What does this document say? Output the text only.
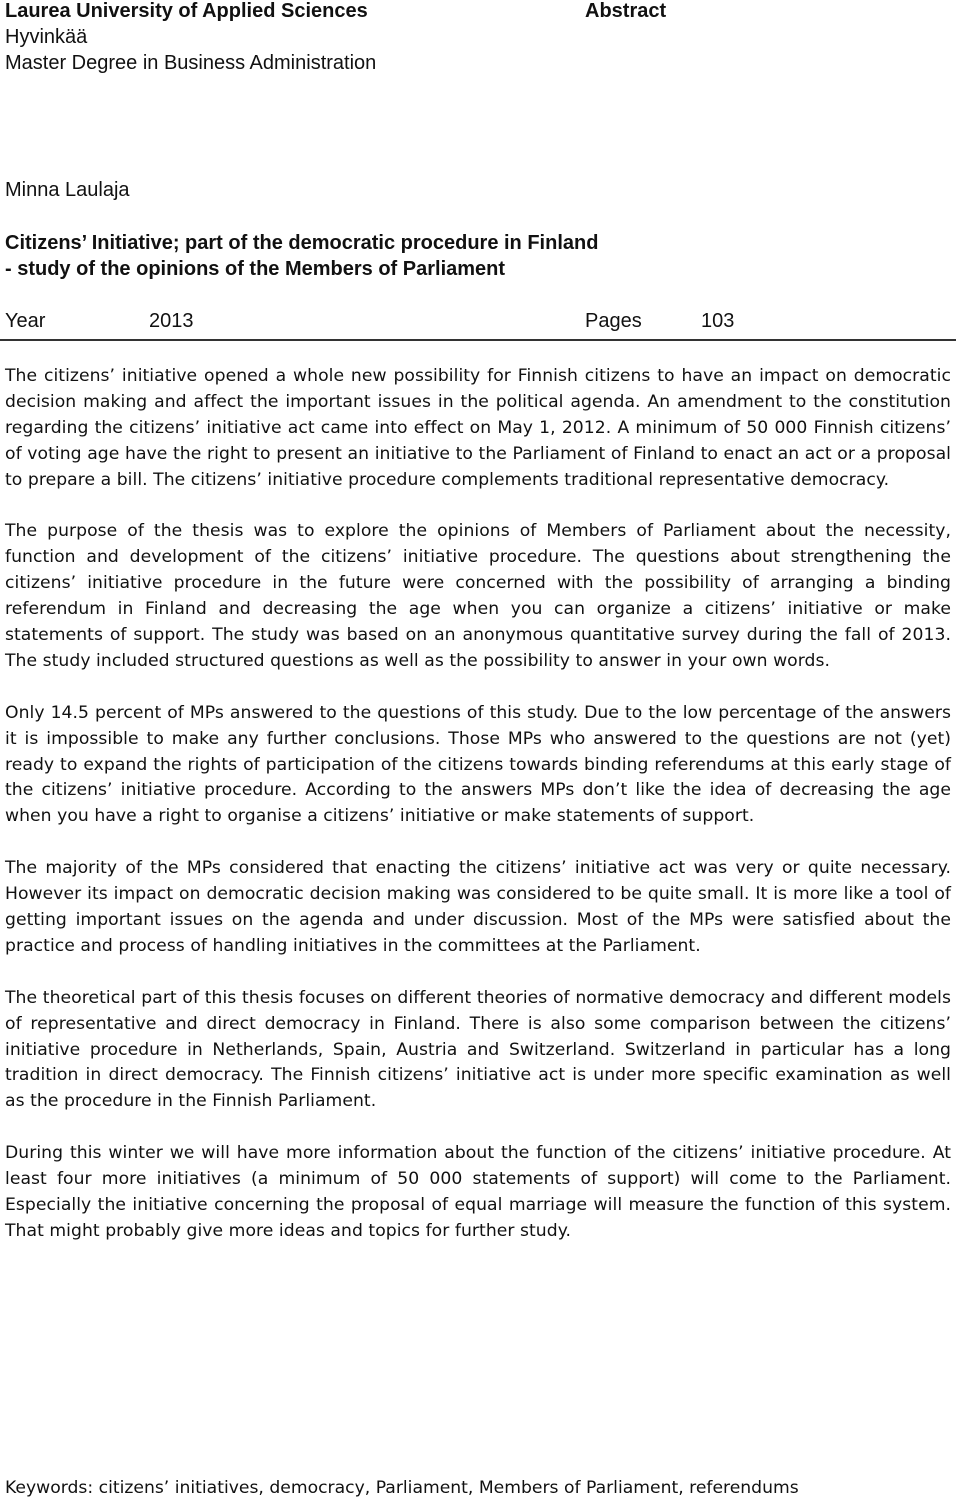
Laurea University of Applied Sciences
Hyvinkää
Master Degree in Business Administration
Abstract
Minna Laulaja
Citizens’ Initiative; part of the democratic procedure in Finland
- study of the opinions of the Members of Parliament
Year	2013	Pages	103

The citizens’ initiative opened a whole new possibility for Finnish citizens to have an impact on democratic decision making and affect the important issues in the political agenda. An amendment to the constitution regarding the citizens’ initiative act came into effect on May 1, 2012. A minimum of 50 000 Finnish citizens’ of voting age have the right to present an initiative to the Parliament of Finland to enact an act or a proposal to prepare a bill. The citizens’ initiative procedure complements traditional representative democracy.

The purpose of the thesis was to explore the opinions of Members of Parliament about the necessity, function and development of the citizens’ initiative procedure. The questions about strengthening the citizens’ initiative procedure in the future were concerned with the possibility of arranging a binding referendum in Finland and decreasing the age when you can organize a citizens’ initiative or make statements of support. The study was based on an anonymous quantitative survey during the fall of 2013. The study included structured questions as well as the possibility to answer in your own words.

Only 14.5 percent of MPs answered to the questions of this study. Due to the low percentage of the answers it is impossible to make any further conclusions. Those MPs who answered to the questions are not (yet) ready to expand the rights of participation of the citizens towards binding referendums at this early stage of the citizens’ initiative procedure. According to the answers MPs don’t like the idea of decreasing the age when you have a right to organise a citizens’ initiative or make statements of support.

The majority of the MPs considered that enacting the citizens’ initiative act was very or quite necessary. However its impact on democratic decision making was considered to be quite small. It is more like a tool of getting important issues on the agenda and under discussion. Most of the MPs were satisfied about the practice and process of handling initiatives in the committees at the Parliament.

The theoretical part of this thesis focuses on different theories of normative democracy and different models of representative and direct democracy in Finland. There is also some comparison between the citizens’ initiative procedure in Netherlands, Spain, Austria and Switzerland. Switzerland in particular has a long tradition in direct democracy. The Finnish citizens’ initiative act is under more specific examination as well as the procedure in the Finnish Parliament.

During this winter we will have more information about the function of the citizens’ initiative procedure. At least four more initiatives (a minimum of 50 000 statements of support) will come to the Parliament. Especially the initiative concerning the proposal of equal marriage will measure the function of this system. That might probably give more ideas and topics for further study.

Keywords: citizens’ initiatives, democracy, Parliament, Members of Parliament, referendums
